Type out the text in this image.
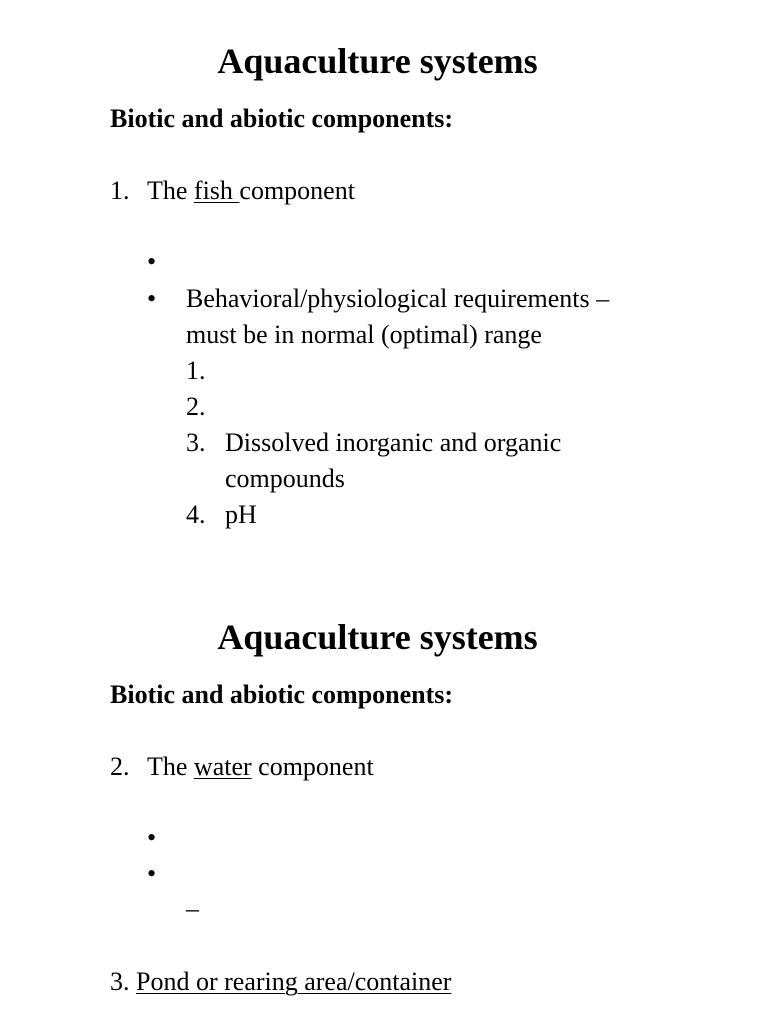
Aquaculture systems
Biotic and abiotic components:
1. The fish component
•
• Behavioral/physiological requirements –
must be in normal (optimal) range
1.
2.
3. Dissolved inorganic and organic
compounds
4. pH
Aquaculture systems
Biotic and abiotic components:
2. The water component
•
•
–
3. Pond or rearing area/container
